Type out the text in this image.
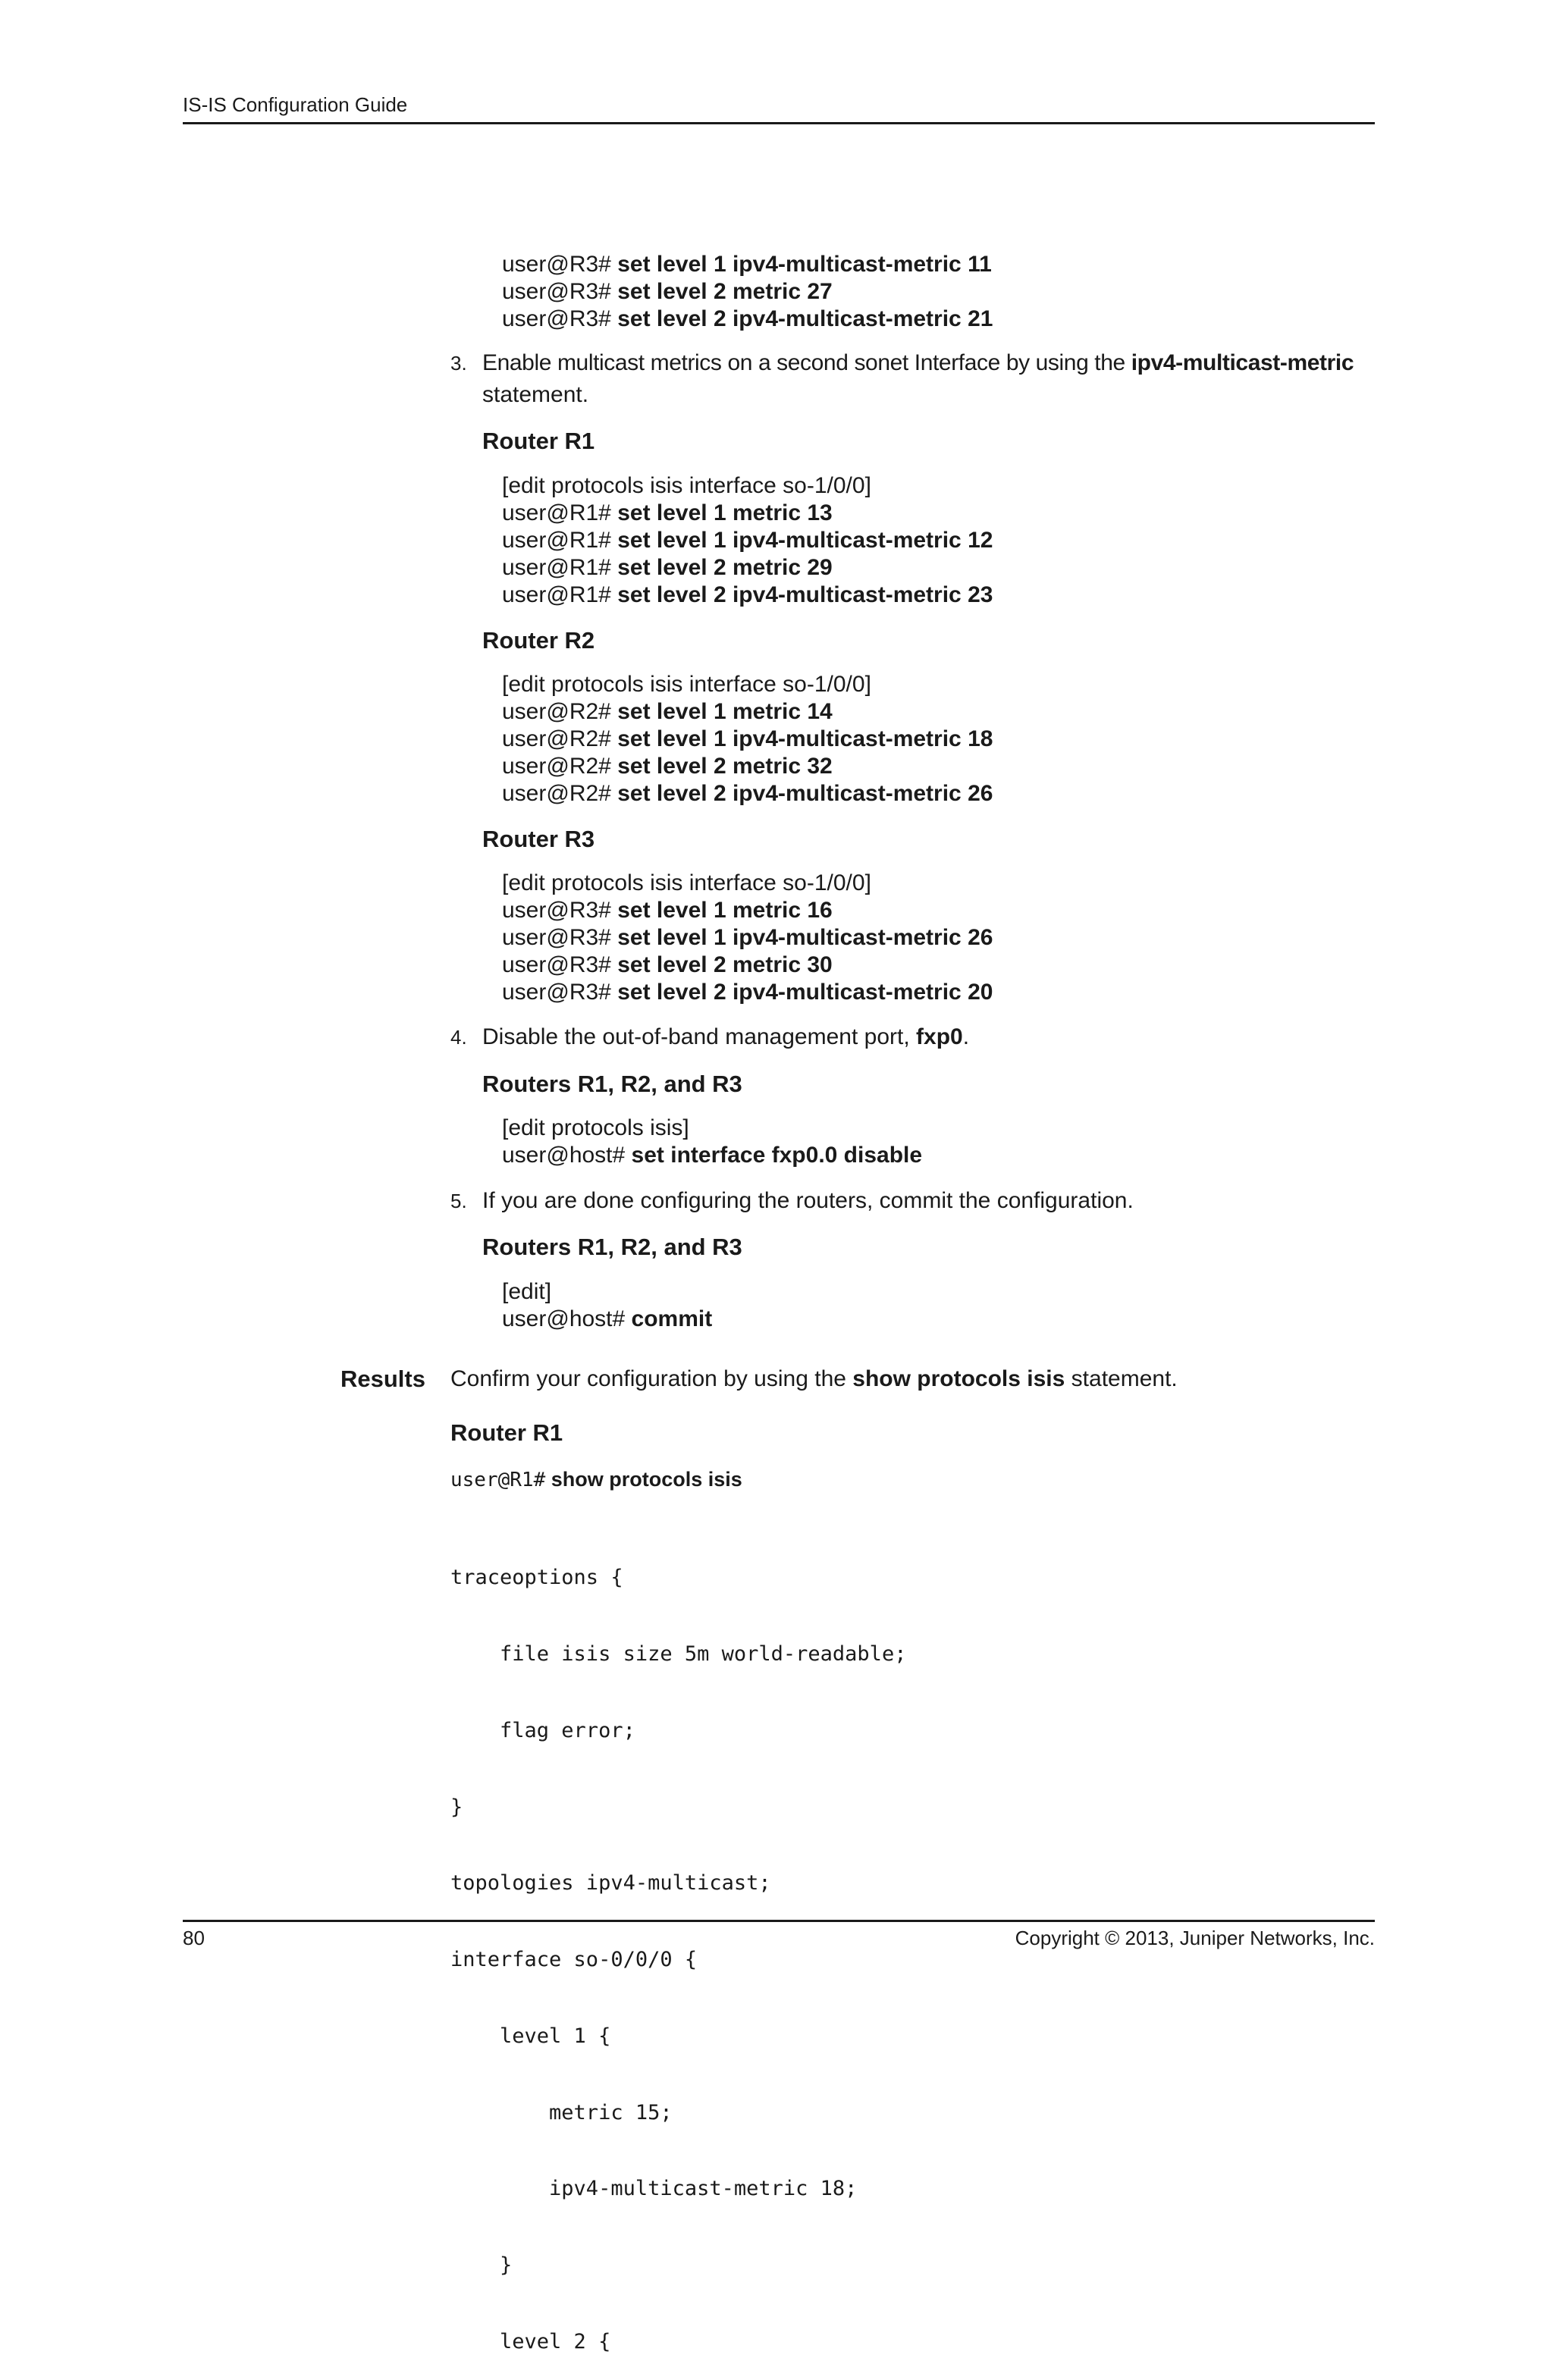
IS-IS Configuration Guide
user@R3# set level 1 ipv4-multicast-metric 11
user@R3# set level 2 metric 27
user@R3# set level 2 ipv4-multicast-metric 21
3. Enable multicast metrics on a second sonet Interface by using the ipv4-multicast-metric
statement.
Router R1
[edit protocols isis interface so-1/0/0]
user@R1# set level 1 metric 13
user@R1# set level 1 ipv4-multicast-metric 12
user@R1# set level 2 metric 29
user@R1# set level 2 ipv4-multicast-metric 23
Router R2
[edit protocols isis interface so-1/0/0]
user@R2# set level 1 metric 14
user@R2# set level 1 ipv4-multicast-metric 18
user@R2# set level 2 metric 32
user@R2# set level 2 ipv4-multicast-metric 26
Router R3
[edit protocols isis interface so-1/0/0]
user@R3# set level 1 metric 16
user@R3# set level 1 ipv4-multicast-metric 26
user@R3# set level 2 metric 30
user@R3# set level 2 ipv4-multicast-metric 20
4. Disable the out-of-band management port, fxp0.
Routers R1, R2, and R3
[edit protocols isis]
user@host# set interface fxp0.0 disable
5. If you are done configuring the routers, commit the configuration.
Routers R1, R2, and R3
[edit]
user@host# commit
Results Confirm your configuration by using the show protocols isis statement.
Router R1
user@R1# show protocols isis

traceoptions {

file isis size 5m world-readable;

flag error;

}

topologies ipv4-multicast;

interface so-0/0/0 {

level 1 {

metric 15;

ipv4-multicast-metric 18;

}

level 2 {

80	Copyright © 2013, Juniper Networks, Inc.
